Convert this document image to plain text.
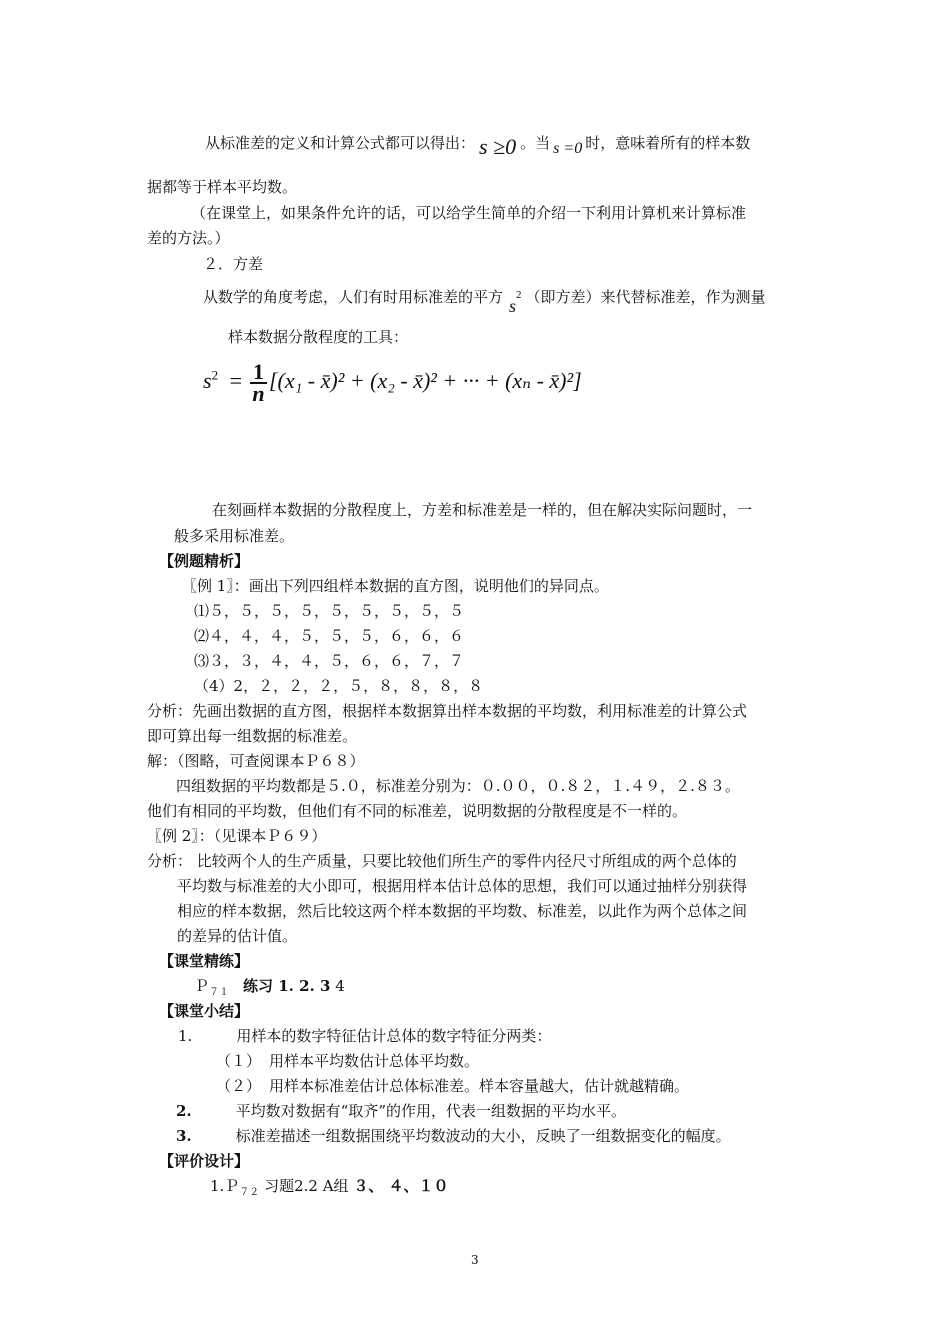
从标准差的定义和计算公式都可以得出： s ≥0 。当 s =0 时，意味着所有的样本数
据都等于样本平均数。
（在课堂上，如果条件允许的话，可以给学生简单的介绍一下利用计算机来计算标准
差的方法。）
２．方差
从数学的角度考虑，人们有时用标准差的平方 $s^2$ （即方差）来代替标准差，作为测量
样本数据分散程度的工具：
$s^2 = \frac{1}{n} [(x_1$ - x̄)² + (x₂ - x̄)² + ··· + (xₙ - x̄)²]
在刻画样本数据的分散程度上，方差和标准差是一样的，但在解决实际问题时，一
般多采用标准差。
【例题精析】
〖例 1〗：画出下列四组样本数据的直方图，说明他们的异同点。
⑴５，５，５，５，５，５，５，５，５
⑵４，４，４，５，５，５，６，６，６
⑶３，３，４，４，５，６，６，７，７
（4）2，２，２，２，５，８，８，８，８
分析：先画出数据的直方图，根据样本数据算出样本数据的平均数，利用标准差的计算公式
即可算出每一组数据的标准差。
解：（图略，可查阅课本Ｐ６８）
四组数据的平均数都是５.０，标准差分别为：０.００，０.８２，１.４９，２.８３。
他们有相同的平均数，但他们有不同的标准差，说明数据的分散程度是不一样的。
〖例 2〗：（见课本Ｐ６９）
分析： 比较两个人的生产质量，只要比较他们所生产的零件内径尺寸所组成的两个总体的
平均数与标准差的大小即可，根据用样本估计总体的思想，我们可以通过抽样分别获得
相应的样本数据，然后比较这两个样本数据的平均数、标准差，以此作为两个总体之间
的差异的估计值。
【课堂精练】
Ｐ$_{71}$ 练习 1. 2. 3 4
【课堂小结】
1.	用样本的数字特征估计总体的数字特征分两类：
（１） 用样本平均数估计总体平均数。
（２） 用样本标准差估计总体标准差。样本容量越大，估计就越精确。
2.	平均数对数据有“取齐”的作用，代表一组数据的平均水平。
3.	标准差描述一组数据围绕平均数波动的大小，反映了一组数据变化的幅度。
【评价设计】
1.Ｐ$_{72}$ 习题2.2 A组 ３、 ４、１０
3
